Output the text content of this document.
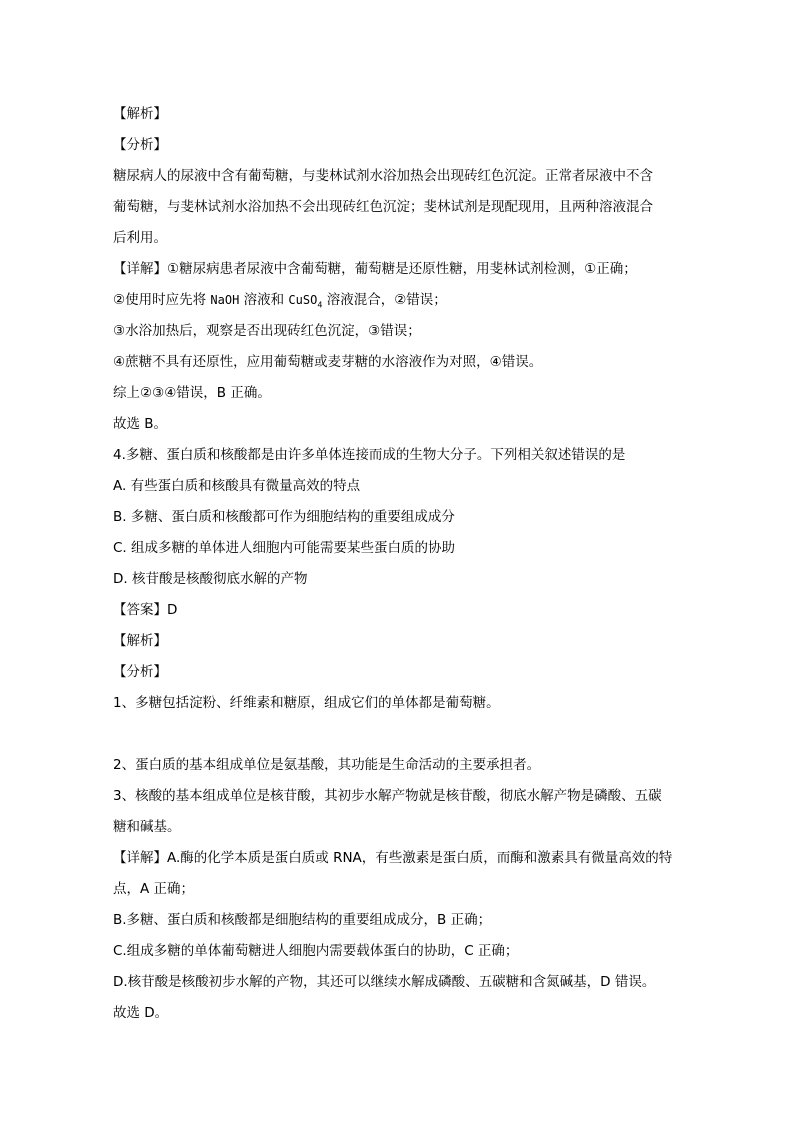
【解析】

【分析】

糖尿病人的尿液中含有葡萄糖，与斐林试剂水浴加热会出现砖红色沉淀。正常者尿液中不含

葡萄糖，与斐林试剂水浴加热不会出现砖红色沉淀；斐林试剂是现配现用，且两种溶液混合

后利用。

【详解】①糖尿病患者尿液中含葡萄糖，葡萄糖是还原性糖，用斐林试剂检测，①正确；

②使用时应先将 NaOH 溶液和 CuSO$_4$ 溶液混合，②错误；

③水浴加热后，观察是否出现砖红色沉淀，③错误；

④蔗糖不具有还原性，应用葡萄糖或麦芽糖的水溶液作为对照，④错误。

综上②③④错误，B 正确。

故选 B。

4.多糖、蛋白质和核酸都是由许多单体连接而成的生物大分子。下列相关叙述错误的是

A. 有些蛋白质和核酸具有微量高效的特点

B. 多糖、蛋白质和核酸都可作为细胞结构的重要组成成分

C. 组成多糖的单体进人细胞内可能需要某些蛋白质的协助

D. 核苷酸是核酸彻底水解的产物

【答案】D

【解析】

【分析】

1、多糖包括淀粉、纤维素和糖原，组成它们的单体都是葡萄糖。

2、蛋白质的基本组成单位是氨基酸，其功能是生命活动的主要承担者。

3、核酸的基本组成单位是核苷酸，其初步水解产物就是核苷酸，彻底水解产物是磷酸、五碳

糖和碱基。

【详解】A.酶的化学本质是蛋白质或 RNA，有些激素是蛋白质，而酶和激素具有微量高效的特

点，A 正确；

B.多糖、蛋白质和核酸都是细胞结构的重要组成成分，B 正确；

C.组成多糖的单体葡萄糖进人细胞内需要载体蛋白的协助，C 正确；

D.核苷酸是核酸初步水解的产物，其还可以继续水解成磷酸、五碳糖和含氮碱基，D 错误。

故选 D。
